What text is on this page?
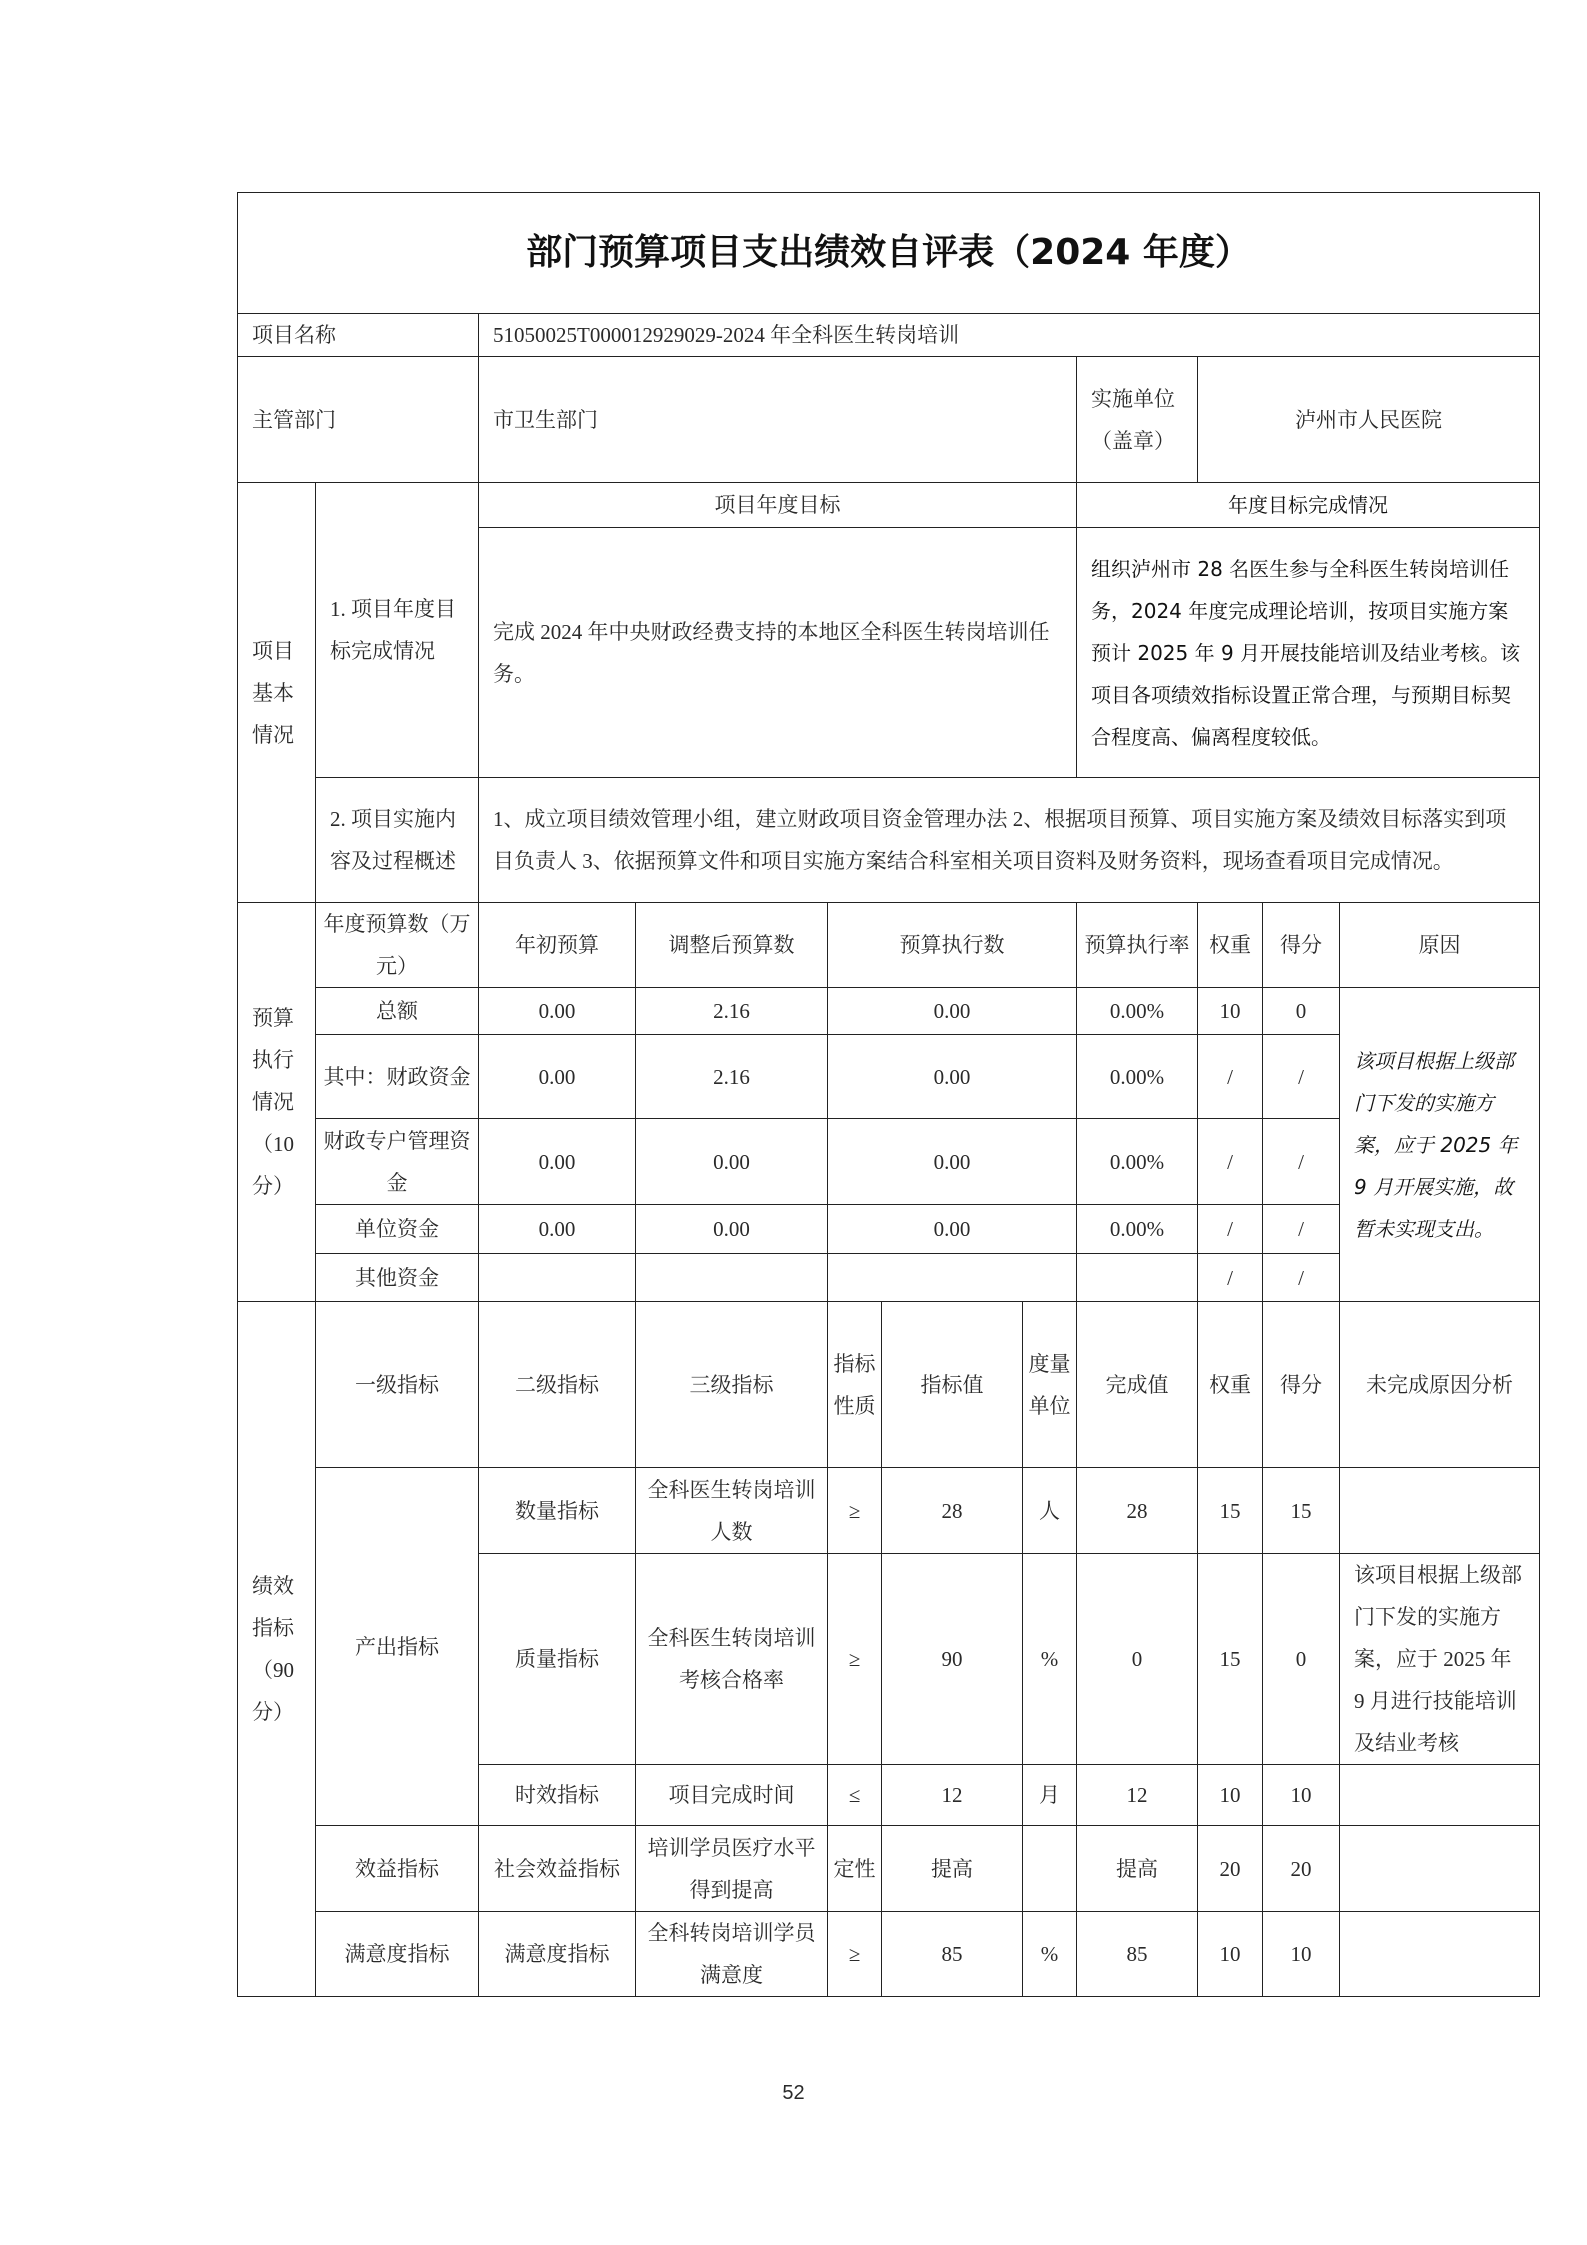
部门预算项目支出绩效自评表（2024 年度）										
项目名称		51050025T000012929029-2024 年全科医生转岗培训								
主管部门		市卫生部门					实施单位（盖章）	泸州市人民医院		
项目基本情况	1. 项目年度目标完成情况	项目年度目标					年度目标完成情况			
		完成 2024 年中央财政经费支持的本地区全科医生转岗培训任务。					组织泸州市 28 名医生参与全科医生转岗培训任务，2024 年度完成理论培训，按项目实施方案预计 2025 年 9 月开展技能培训及结业考核。该项目各项绩效指标设置正常合理，与预期目标契合程度高、偏离程度较低。			
	2. 项目实施内容及过程概述	1、成立项目绩效管理小组，建立财政项目资金管理办法 2、根据项目预算、项目实施方案及绩效目标落实到项目负责人 3、依据预算文件和项目实施方案结合科室相关项目资料及财务资料，现场查看项目完成情况。								
预算执行情况（10 分）	年度预算数（万元）	年初预算	调整后预算数	预算执行数			预算执行率	权重	得分	原因
	总额	0.00	2.16	0.00			0.00%	10	0	该项目根据上级部门下发的实施方案，应于 2025 年 9 月开展实施，故暂未实现支出。
	其中：财政资金	0.00	2.16	0.00			0.00%	/	/	
	财政专户管理资金	0.00	0.00	0.00			0.00%	/	/	
	单位资金	0.00	0.00	0.00			0.00%	/	/	
	其他资金							/	/	
绩效指标（90 分）	一级指标	二级指标	三级指标	指标性质	指标值	度量单位	完成值	权重	得分	未完成原因分析
	产出指标	数量指标	全科医生转岗培训人数	≥	28	人	28	15	15	
		质量指标	全科医生转岗培训考核合格率	≥	90	%	0	15	0	该项目根据上级部门下发的实施方案，应于 2025 年 9 月进行技能培训及结业考核
		时效指标	项目完成时间	≤	12	月	12	10	10	
	效益指标	社会效益指标	培训学员医疗水平得到提高	定性	提高		提高	20	20	
	满意度指标	满意度指标	全科转岗培训学员满意度	≥	85	%	85	10	10	
52
